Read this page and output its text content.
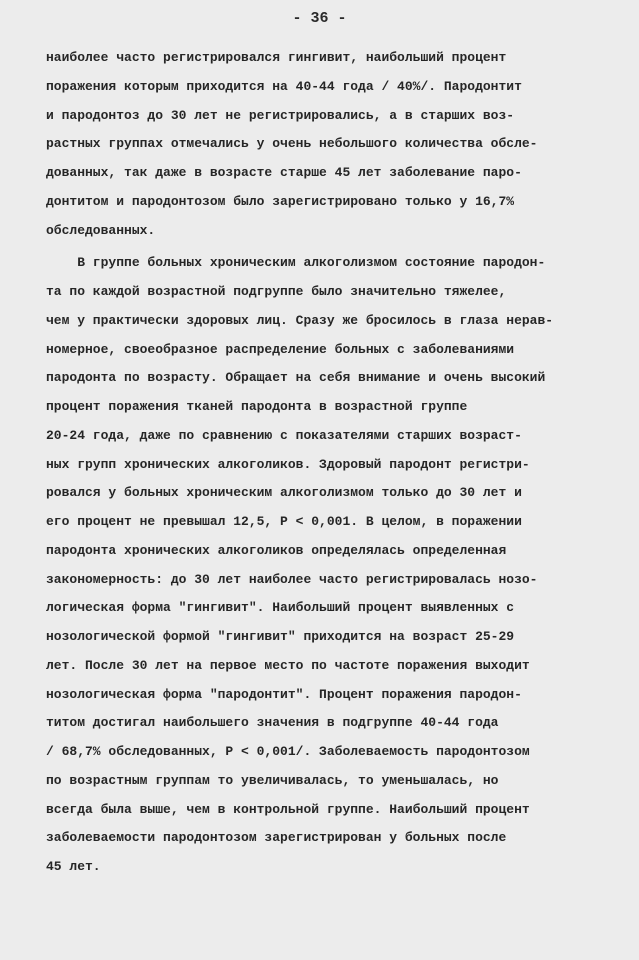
- 36 -
наиболее часто регистрировался гингивит, наибольший процент
поражения которым приходится на 40-44 года / 40%/. Пародонтит
и пародонтоз до 30 лет не регистрировались, а в старших воз-
растных группах отмечались у очень небольшого количества обсле-
дованных, так даже в возрасте старше 45 лет заболевание паро-
донтитом и пародонтозом было зарегистрировано только у 16,7%
обследованных.
В группе больных хроническим алкоголизмом состояние пародон-
та по каждой возрастной подгруппе было значительно тяжелее,
чем у практически здоровых лиц. Сразу же бросилось в глаза нерав-
номерное, своеобразное распределение больных с заболеваниями
пародонта по возрасту. Обращает на себя внимание и очень высокий
процент поражения тканей пародонта в возрастной группе
20-24 года, даже по сравнению с показателями старших возраст-
ных групп хронических алкоголиков. Здоровый пародонт регистри-
ровался у больных хроническим алкоголизмом только до 30 лет и
его процент не превышал 12,5, P < 0,001. В целом, в поражении
пародонта хронических алкоголиков определялась определенная
закономерность: до 30 лет наиболее часто регистрировалась нозо-
логическая форма "гингивит". Наибольший процент выявленных с
нозологической формой "гингивит" приходится на возраст 25-29
лет. После 30 лет на первое место по частоте поражения выходит
нозологическая форма "пародонтит". Процент поражения пародон-
титом достигал наибольшего значения в подгруппе 40-44 года
/ 68,7% обследованных, P < 0,001/. Заболеваемость пародонтозом
по возрастным группам то увеличивалась, то уменьшалась, но
всегда была выше, чем в контрольной группе. Наибольший процент
заболеваемости пародонтозом зарегистрирован у больных после
45 лет.
